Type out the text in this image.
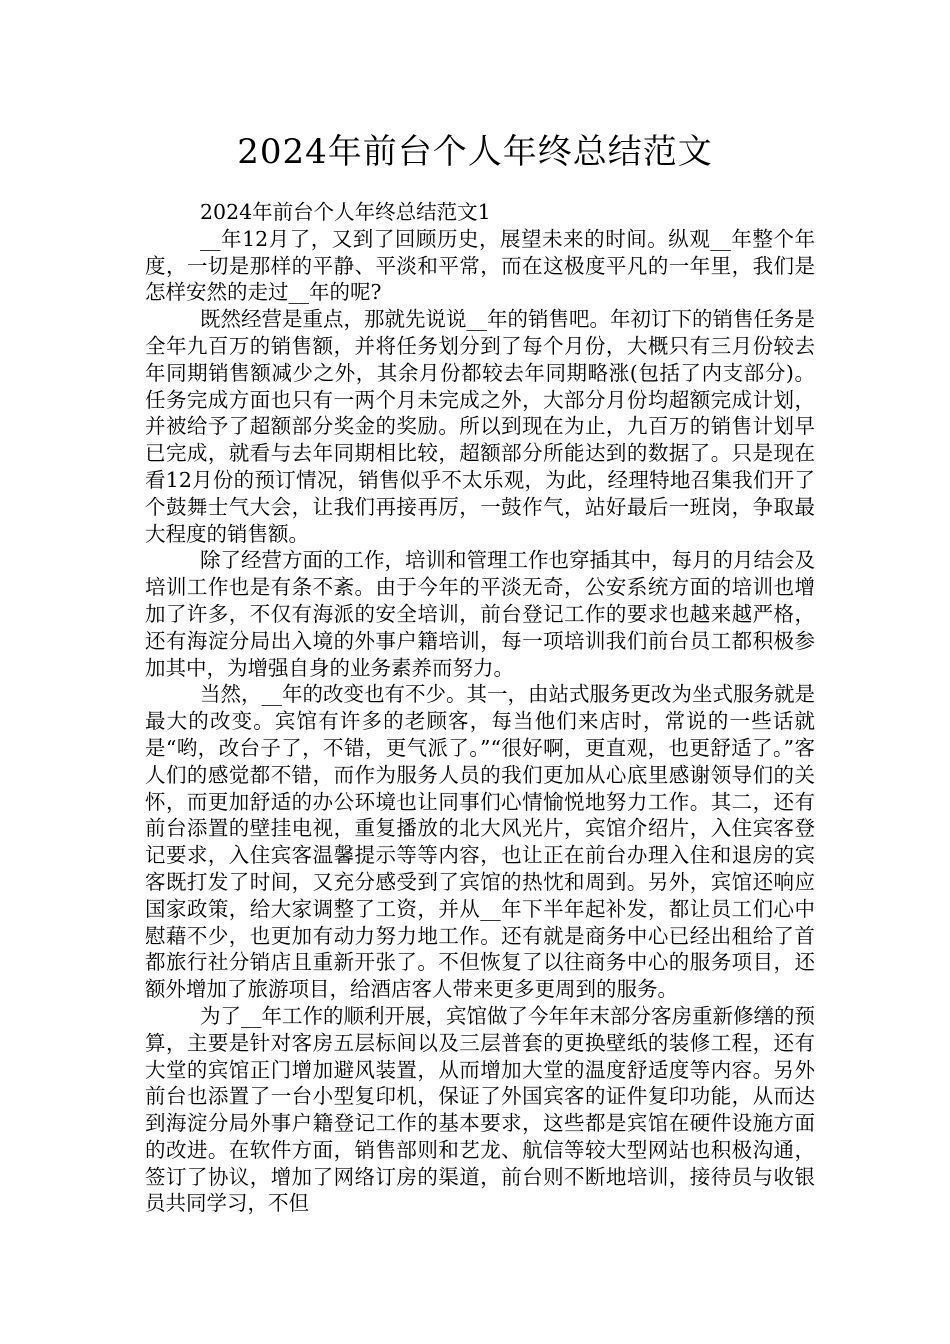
2024年前台个人年终总结范文

2024年前台个人年终总结范文1

__年12月了，又到了回顾历史，展望未来的时间。纵观__年整个年度，一切是那样的平静、平淡和平常，而在这极度平凡的一年里，我们是怎样安然的走过__年的呢?

既然经营是重点，那就先说说__年的销售吧。年初订下的销售任务是全年九百万的销售额，并将任务划分到了每个月份，大概只有三月份较去年同期销售额减少之外，其余月份都较去年同期略涨(包括了内支部分)。任务完成方面也只有一两个月未完成之外，大部分月份均超额完成计划，并被给予了超额部分奖金的奖励。所以到现在为止，九百万的销售计划早已完成，就看与去年同期相比较，超额部分所能达到的数据了。只是现在看12月份的预订情况，销售似乎不太乐观，为此，经理特地召集我们开了个鼓舞士气大会，让我们再接再厉，一鼓作气，站好最后一班岗，争取最大程度的销售额。

除了经营方面的工作，培训和管理工作也穿插其中，每月的月结会及培训工作也是有条不紊。由于今年的平淡无奇，公安系统方面的培训也增加了许多，不仅有海派的安全培训，前台登记工作的要求也越来越严格，还有海淀分局出入境的外事户籍培训，每一项培训我们前台员工都积极参加其中，为增强自身的业务素养而努力。

当然，__年的改变也有不少。其一，由站式服务更改为坐式服务就是最大的改变。宾馆有许多的老顾客，每当他们来店时，常说的一些话就是“哟，改台子了，不错，更气派了。”“很好啊，更直观，也更舒适了。”客人们的感觉都不错，而作为服务人员的我们更加从心底里感谢领导们的关怀，而更加舒适的办公环境也让同事们心情愉悦地努力工作。其二，还有前台添置的壁挂电视，重复播放的北大风光片，宾馆介绍片，入住宾客登记要求，入住宾客温馨提示等等内容，也让正在前台办理入住和退房的宾客既打发了时间，又充分感受到了宾馆的热忱和周到。另外，宾馆还响应国家政策，给大家调整了工资，并从__年下半年起补发，都让员工们心中慰藉不少，也更加有动力努力地工作。还有就是商务中心已经出租给了首都旅行社分销店且重新开张了。不但恢复了以往商务中心的服务项目，还额外增加了旅游项目，给酒店客人带来更多更周到的服务。

为了__年工作的顺利开展，宾馆做了今年年末部分客房重新修缮的预算，主要是针对客房五层标间以及三层普套的更换壁纸的装修工程，还有大堂的宾馆正门增加避风装置，从而增加大堂的温度舒适度等内容。另外前台也添置了一台小型复印机，保证了外国宾客的证件复印功能，从而达到海淀分局外事户籍登记工作的基本要求，这些都是宾馆在硬件设施方面的改进。在软件方面，销售部则和艺龙、航信等较大型网站也积极沟通，签订了协议，增加了网络订房的渠道，前台则不断地培训，接待员与收银员共同学习，不但
